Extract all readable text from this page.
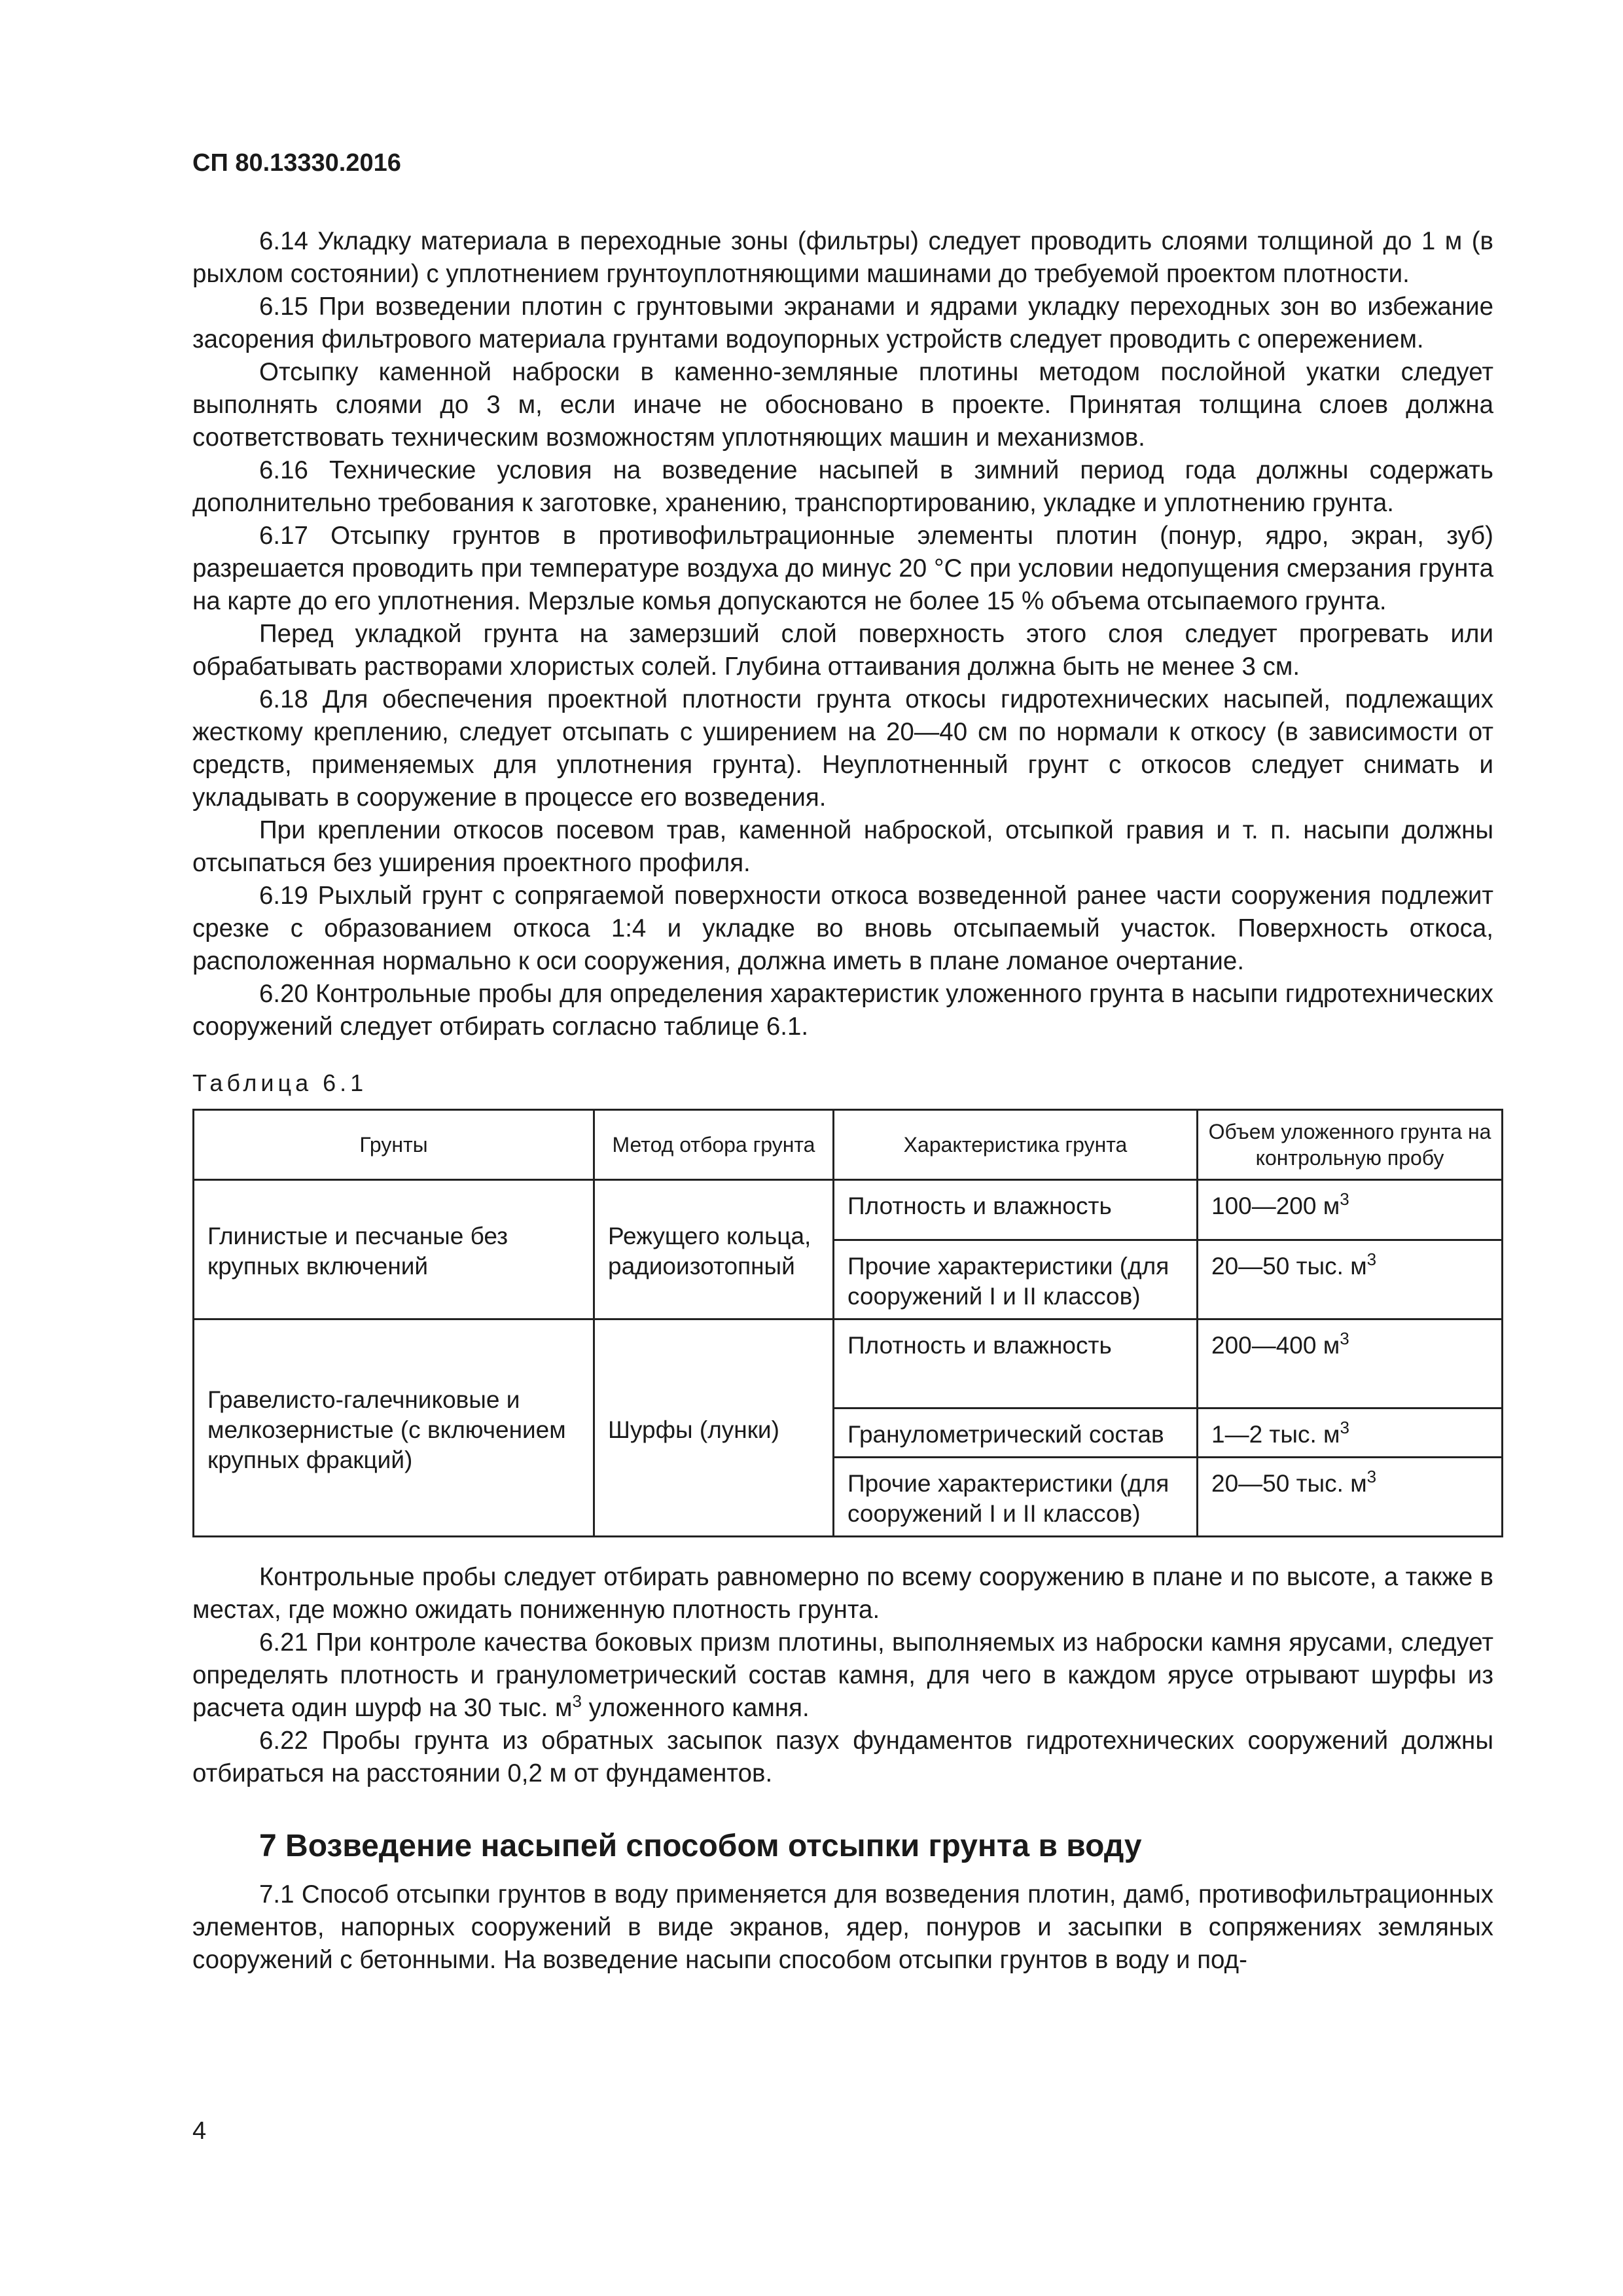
СП 80.13330.2016

6.14 Укладку материала в переходные зоны (фильтры) следует проводить слоями толщиной до 1 м (в рыхлом состоянии) с уплотнением грунтоуплотняющими машинами до требуемой проектом плотности.

6.15 При возведении плотин с грунтовыми экранами и ядрами укладку переходных зон во избежание засорения фильтрового материала грунтами водоупорных устройств следует проводить с опережением.

Отсыпку каменной наброски в каменно-земляные плотины методом послойной укатки следует выполнять слоями до 3 м, если иначе не обосновано в проекте. Принятая толщина слоев должна соответствовать техническим возможностям уплотняющих машин и механизмов.

6.16 Технические условия на возведение насыпей в зимний период года должны содержать дополнительно требования к заготовке, хранению, транспортированию, укладке и уплотнению грунта.

6.17 Отсыпку грунтов в противофильтрационные элементы плотин (понур, ядро, экран, зуб) разрешается проводить при температуре воздуха до минус 20 °С при условии недопущения смерзания грунта на карте до его уплотнения. Мерзлые комья допускаются не более 15 % объема отсыпаемого грунта.

Перед укладкой грунта на замерзший слой поверхность этого слоя следует прогревать или обрабатывать растворами хлористых солей. Глубина оттаивания должна быть не менее 3 см.

6.18 Для обеспечения проектной плотности грунта откосы гидротехнических насыпей, подлежащих жесткому креплению, следует отсыпать с уширением на 20—40 см по нормали к откосу (в зависимости от средств, применяемых для уплотнения грунта). Неуплотненный грунт с откосов следует снимать и укладывать в сооружение в процессе его возведения.

При креплении откосов посевом трав, каменной наброской, отсыпкой гравия и т. п. насыпи должны отсыпаться без уширения проектного профиля.

6.19 Рыхлый грунт с сопрягаемой поверхности откоса возведенной ранее части сооружения подлежит срезке с образованием откоса 1:4 и укладке во вновь отсыпаемый участок. Поверхность откоса, расположенная нормально к оси сооружения, должна иметь в плане ломаное очертание.

6.20 Контрольные пробы для определения характеристик уложенного грунта в насыпи гидротехнических сооружений следует отбирать согласно таблице 6.1.

Таблица 6.1
Грунты	Метод отбора грунта	Характеристика грунта	Объем уложенного грунта на контрольную пробу
Глинистые и песчаные без крупных включений	Режущего кольца, радиоизотопный	Плотность и влажность	100—200 $м^3$
		Прочие характеристики (для сооружений I и II классов)	20—50 тыс. $м^3$
Гравелисто-галечниковые и мелкозернистые (с включением крупных фракций)	Шурфы (лунки)	Плотность и влажность	200—400 $м^3$
		Гранулометрический состав	1—2 тыс. $м^3$
		Прочие характеристики (для сооружений I и II классов)	20—50 тыс. $м^3$

Контрольные пробы следует отбирать равномерно по всему сооружению в плане и по высоте, а также в местах, где можно ожидать пониженную плотность грунта.

6.21 При контроле качества боковых призм плотины, выполняемых из наброски камня ярусами, следует определять плотность и гранулометрический состав камня, для чего в каждом ярусе отрывают шурфы из расчета один шурф на 30 тыс. $м^3$ уложенного камня.

6.22 Пробы грунта из обратных засыпок пазух фундаментов гидротехнических сооружений должны отбираться на расстоянии 0,2 м от фундаментов.

7 Возведение насыпей способом отсыпки грунта в воду

7.1 Способ отсыпки грунтов в воду применяется для возведения плотин, дамб, противофильтрационных элементов, напорных сооружений в виде экранов, ядер, понуров и засыпки в сопряжениях земляных сооружений с бетонными. На возведение насыпи способом отсыпки грунтов в воду и под-

4
